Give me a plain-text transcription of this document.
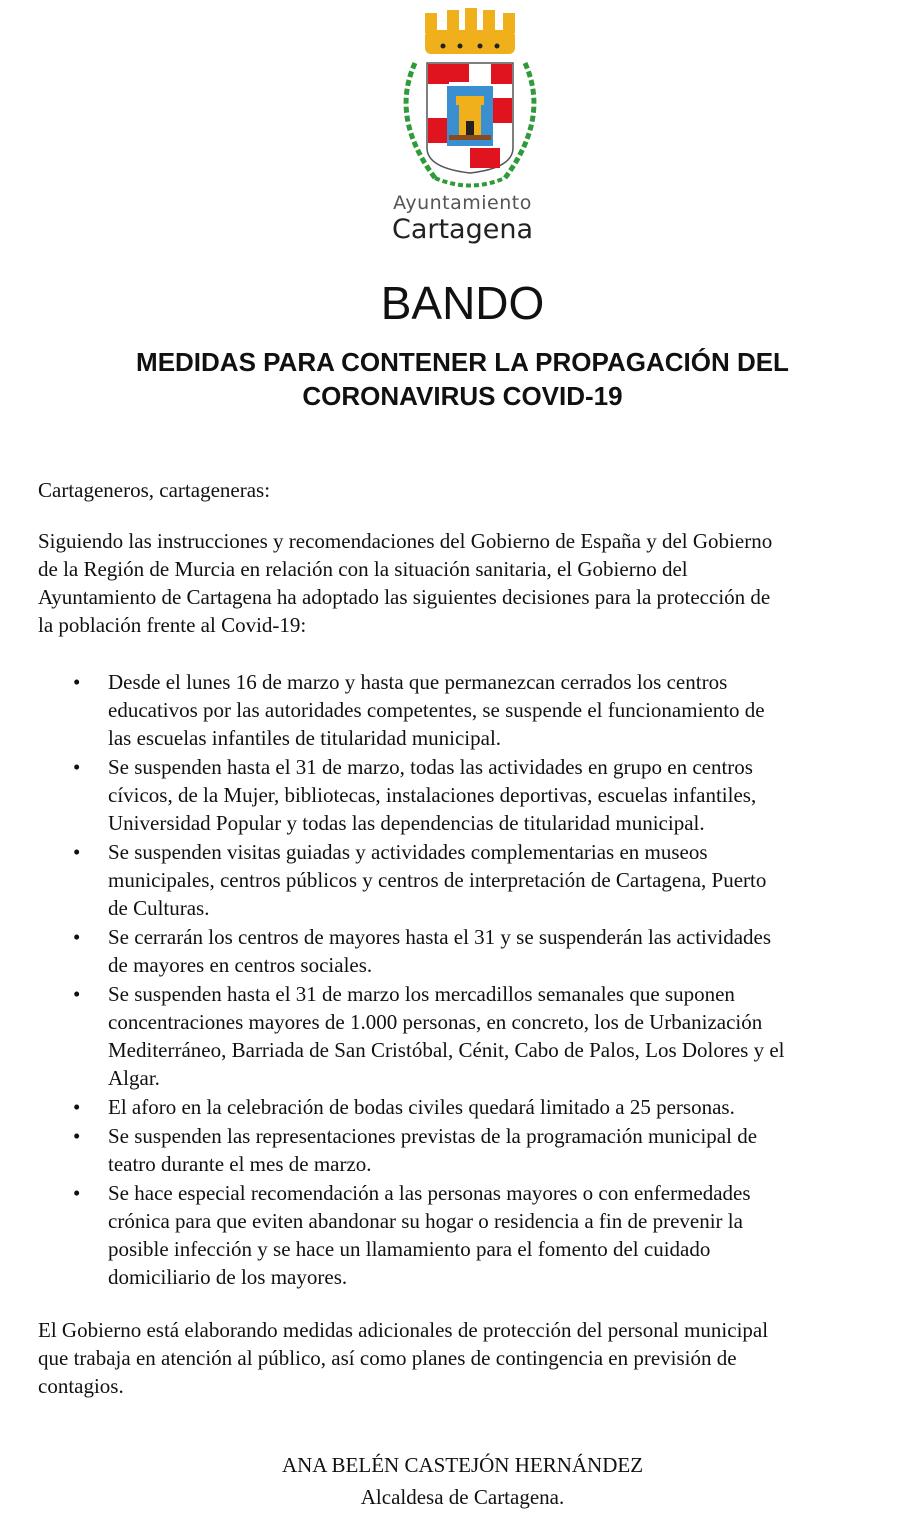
Ayuntamiento
Cartagena
BANDO
MEDIDAS PARA CONTENER LA PROPAGACIÓN DEL
CORONAVIRUS COVID-19
Cartageneros, cartageneras:
Siguiendo las instrucciones y recomendaciones del Gobierno de España y del Gobierno
de la Región de Murcia en relación con la situación sanitaria, el Gobierno del
Ayuntamiento de Cartagena ha adoptado las siguientes decisiones para la protección de
la población frente al Covid-19:
• Desde el lunes 16 de marzo y hasta que permanezcan cerrados los centros
educativos por las autoridades competentes, se suspende el funcionamiento de
las escuelas infantiles de titularidad municipal.
• Se suspenden hasta el 31 de marzo, todas las actividades en grupo en centros
cívicos, de la Mujer, bibliotecas, instalaciones deportivas, escuelas infantiles,
Universidad Popular y todas las dependencias de titularidad municipal.
• Se suspenden visitas guiadas y actividades complementarias en museos
municipales, centros públicos y centros de interpretación de Cartagena, Puerto
de Culturas.
• Se cerrarán los centros de mayores hasta el 31 y se suspenderán las actividades
de mayores en centros sociales.
• Se suspenden hasta el 31 de marzo los mercadillos semanales que suponen
concentraciones mayores de 1.000 personas, en concreto, los de Urbanización
Mediterráneo, Barriada de San Cristóbal, Cénit, Cabo de Palos, Los Dolores y el
Algar.
• El aforo en la celebración de bodas civiles quedará limitado a 25 personas.
• Se suspenden las representaciones previstas de la programación municipal de
teatro durante el mes de marzo.
• Se hace especial recomendación a las personas mayores o con enfermedades
crónica para que eviten abandonar su hogar o residencia a fin de prevenir la
posible infección y se hace un llamamiento para el fomento del cuidado
domiciliario de los mayores.
El Gobierno está elaborando medidas adicionales de protección del personal municipal
que trabaja en atención al público, así como planes de contingencia en previsión de
contagios.
ANA BELÉN CASTEJÓN HERNÁNDEZ
Alcaldesa de Cartagena.
